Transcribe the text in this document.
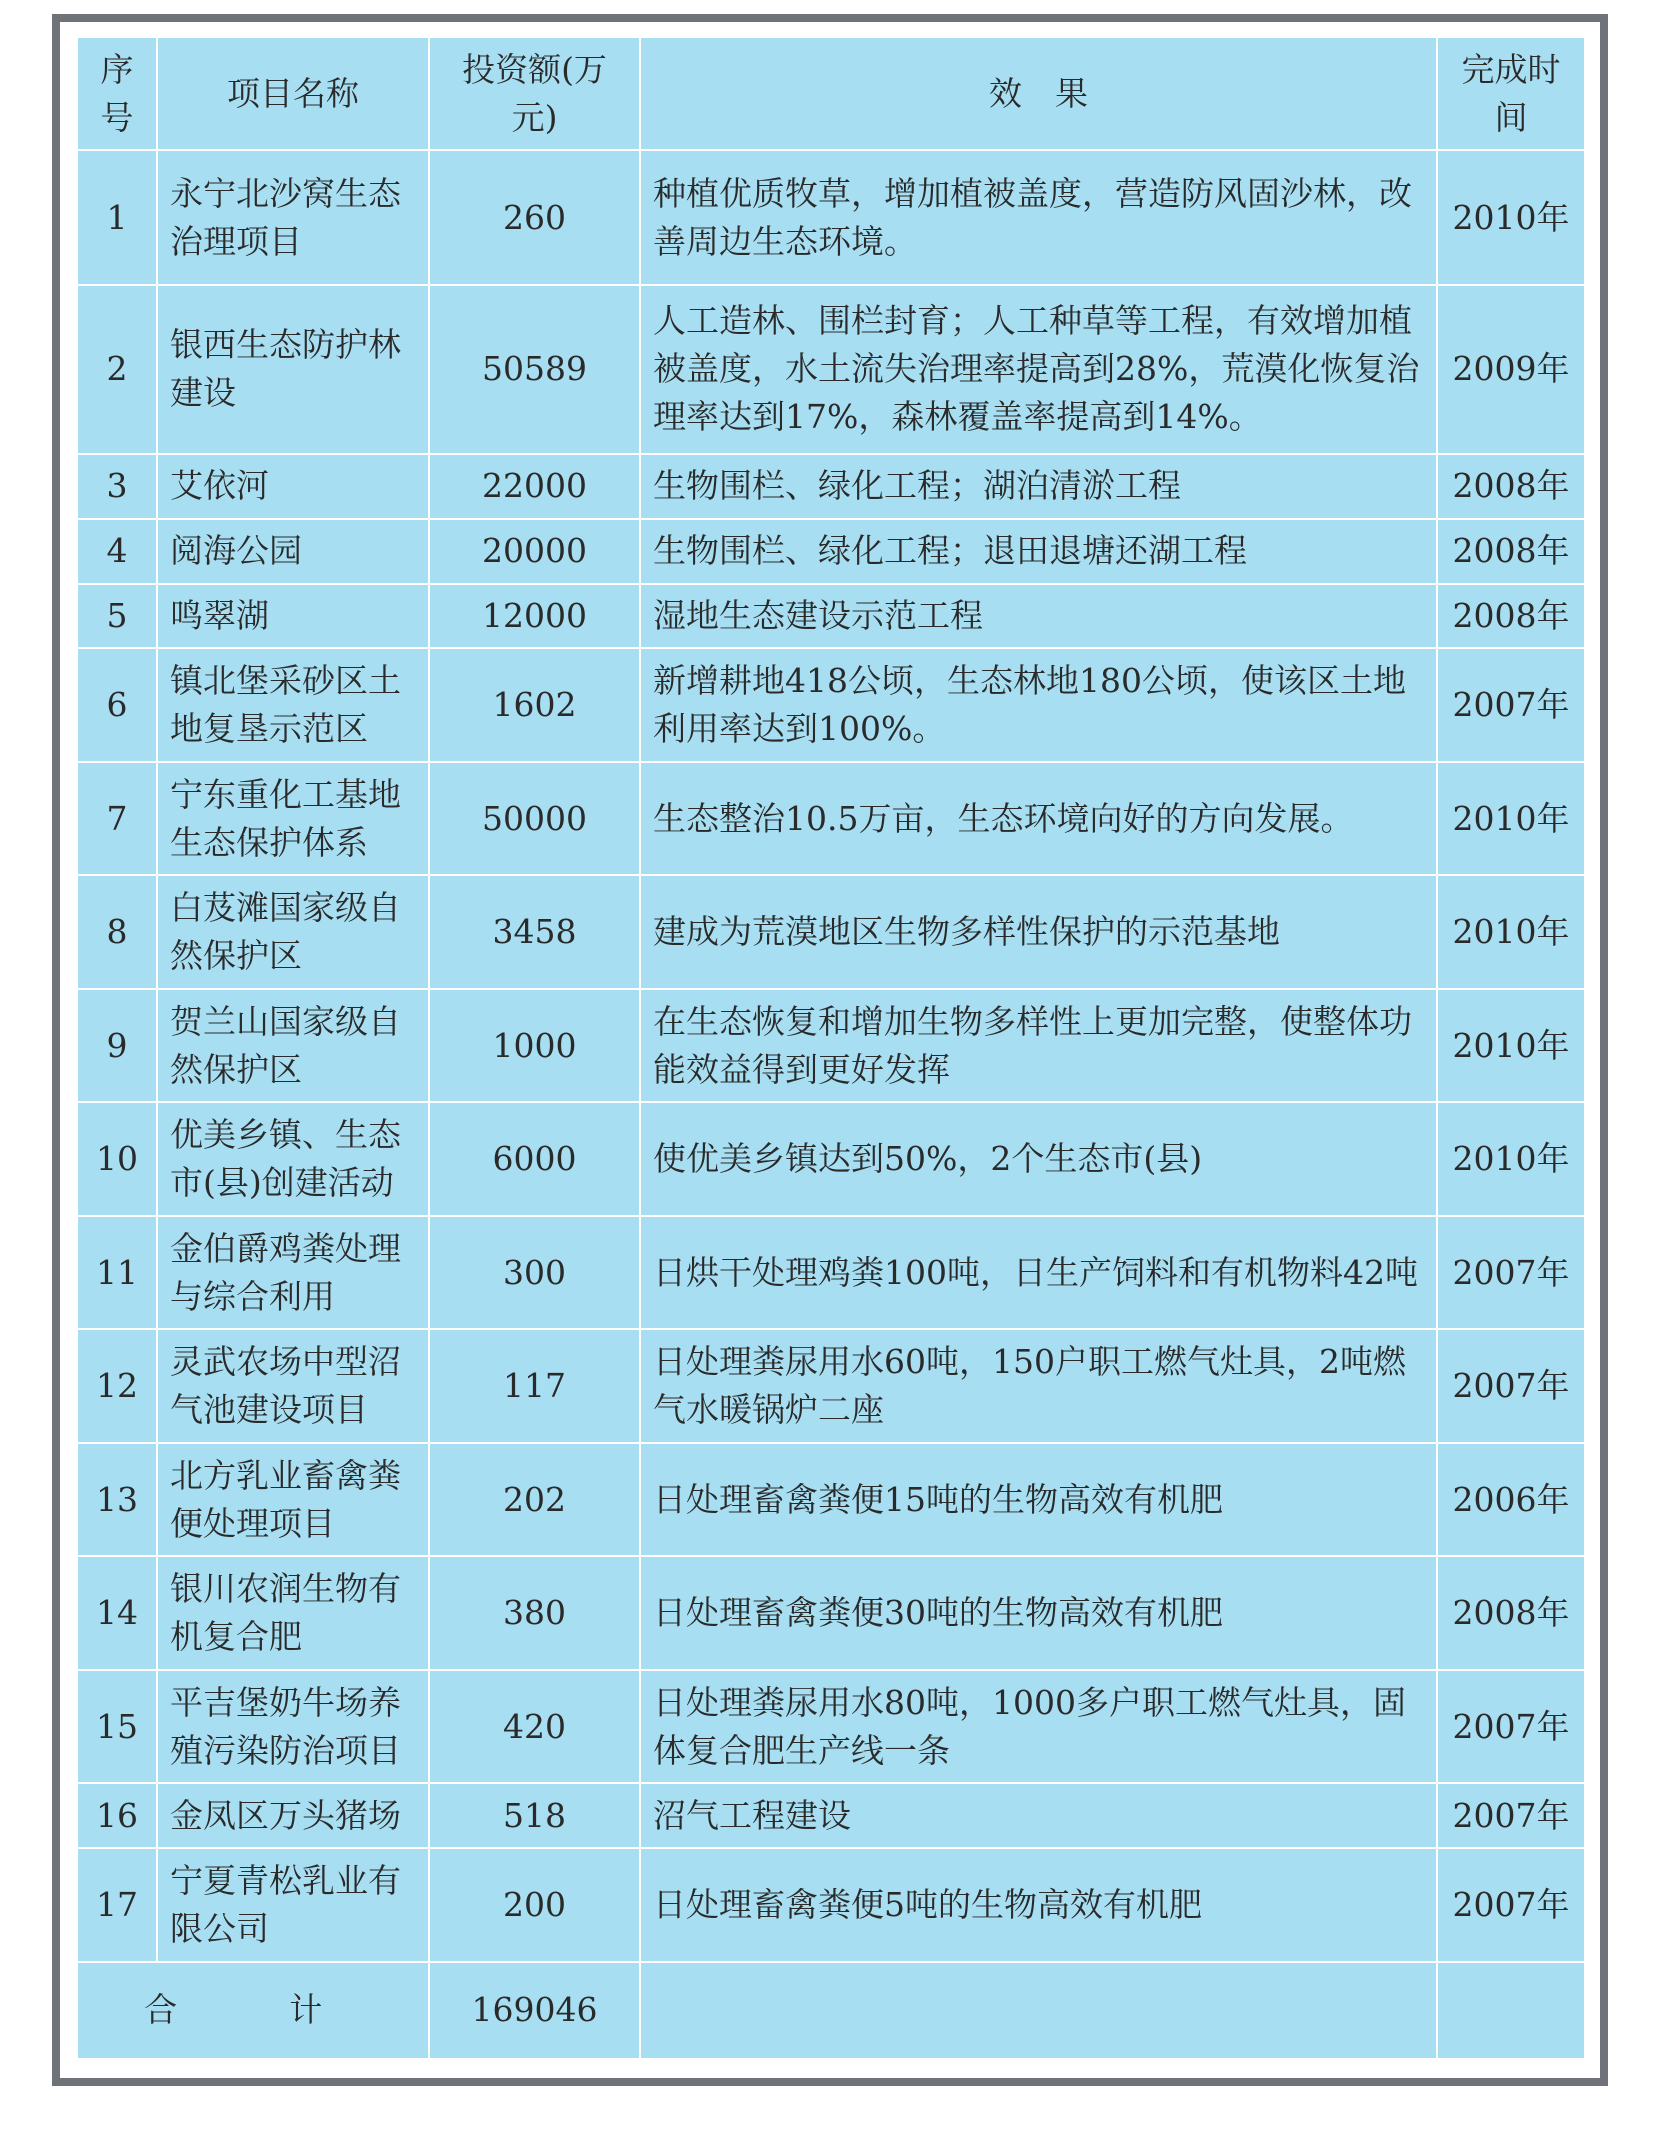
序号	项目名称	投资额(万元)	效　果	完成时间
1	永宁北沙窝生态治理项目	260	种植优质牧草，增加植被盖度，营造防风固沙林，改善周边生态环境。	2010年
2	银西生态防护林建设	50589	人工造林、围栏封育；人工种草等工程，有效增加植被盖度，水土流失治理率提高到28%，荒漠化恢复治理率达到17%，森林覆盖率提高到14%。	2009年
3	艾依河	22000	生物围栏、绿化工程；湖泊清淤工程	2008年
4	阅海公园	20000	生物围栏、绿化工程；退田退塘还湖工程	2008年
5	鸣翠湖	12000	湿地生态建设示范工程	2008年
6	镇北堡采砂区土地复垦示范区	1602	新增耕地418公顷，生态林地180公顷，使该区土地利用率达到100%。	2007年
7	宁东重化工基地生态保护体系	50000	生态整治10.5万亩，生态环境向好的方向发展。	2010年
8	白芨滩国家级自然保护区	3458	建成为荒漠地区生物多样性保护的示范基地	2010年
9	贺兰山国家级自然保护区	1000	在生态恢复和增加生物多样性上更加完整，使整体功能效益得到更好发挥	2010年
10	优美乡镇、生态市(县)创建活动	6000	使优美乡镇达到50%，2个生态市(县)	2010年
11	金伯爵鸡粪处理与综合利用	300	日烘干处理鸡粪100吨，日生产饲料和有机物料42吨	2007年
12	灵武农场中型沼气池建设项目	117	日处理粪尿用水60吨，150户职工燃气灶具，2吨燃气水暖锅炉二座	2007年
13	北方乳业畜禽粪便处理项目	202	日处理畜禽粪便15吨的生物高效有机肥	2006年
14	银川农润生物有机复合肥	380	日处理畜禽粪便30吨的生物高效有机肥	2008年
15	平吉堡奶牛场养殖污染防治项目	420	日处理粪尿用水80吨，1000多户职工燃气灶具，固体复合肥生产线一条	2007年
16	金凤区万头猪场	518	沼气工程建设	2007年
17	宁夏青松乳业有限公司	200	日处理畜禽粪便5吨的生物高效有机肥	2007年
合　计		169046		
